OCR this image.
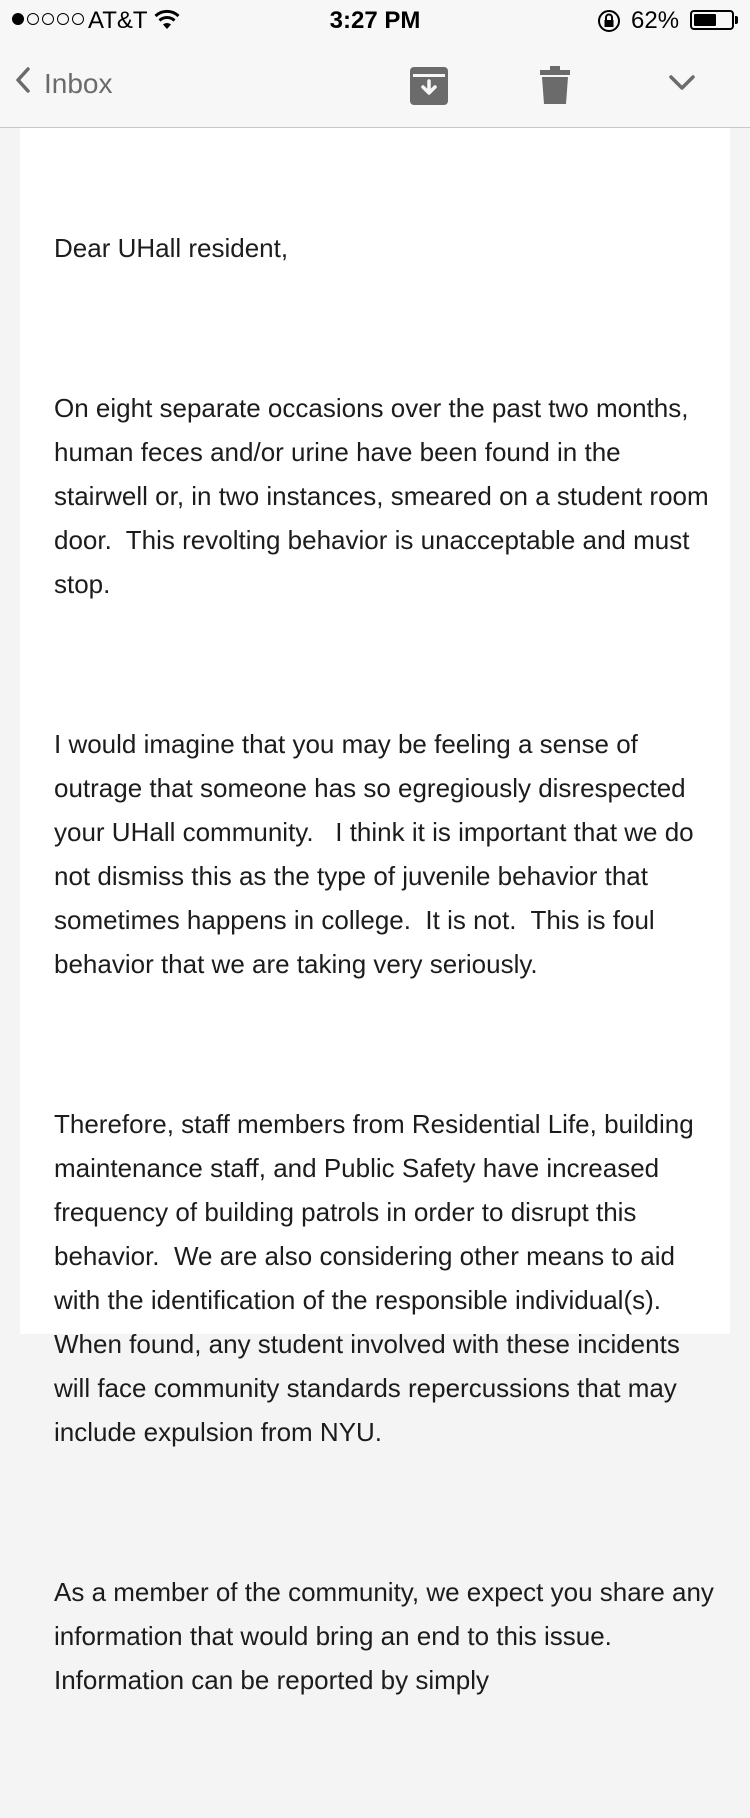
AT&T	3:27 PM	62%
Inbox

Dear UHall resident,

On eight separate occasions over the past two months, human feces and/or urine have been found in the stairwell or, in two instances, smeared on a student room door.  This revolting behavior is unacceptable and must stop.

I would imagine that you may be feeling a sense of outrage that someone has so egregiously disrespected your UHall community.   I think it is important that we do not dismiss this as the type of juvenile behavior that sometimes happens in college.  It is not.  This is foul behavior that we are taking very seriously.

Therefore, staff members from Residential Life, building maintenance staff, and Public Safety have increased frequency of building patrols in order to disrupt this behavior.  We are also considering other means to aid with the identification of the responsible individual(s).  When found, any student involved with these incidents will face community standards repercussions that may include expulsion from NYU.

As a member of the community, we expect you share any information that would bring an end to this issue.  Information can be reported by simply
